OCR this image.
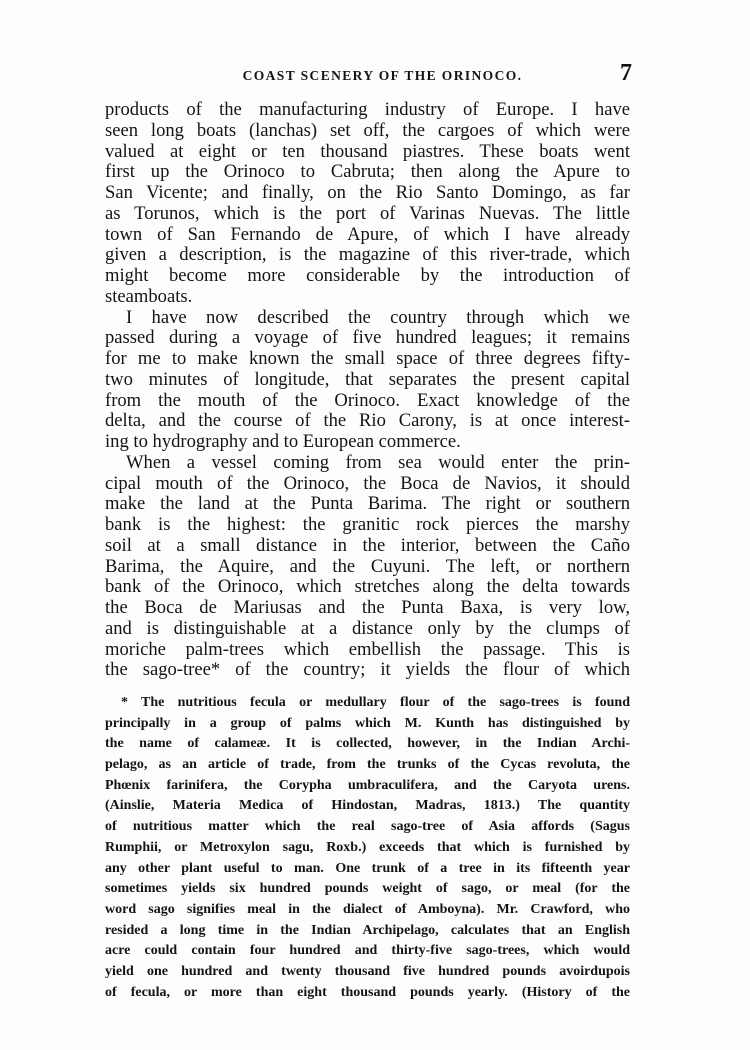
COAST SCENERY OF THE ORINOCO.	7
products of the manufacturing industry of Europe. I have
seen long boats (lanchas) set off, the cargoes of which were
valued at eight or ten thousand piastres. These boats went
first up the Orinoco to Cabruta; then along the Apure to
San Vicente; and finally, on the Rio Santo Domingo, as far
as Torunos, which is the port of Varinas Nuevas. The little
town of San Fernando de Apure, of which I have already
given a description, is the magazine of this river-trade, which
might become more considerable by the introduction of
steamboats.
I have now described the country through which we
passed during a voyage of five hundred leagues; it remains
for me to make known the small space of three degrees fifty-
two minutes of longitude, that separates the present capital
from the mouth of the Orinoco. Exact knowledge of the
delta, and the course of the Rio Carony, is at once interest-
ing to hydrography and to European commerce.
When a vessel coming from sea would enter the prin-
cipal mouth of the Orinoco, the Boca de Navios, it should
make the land at the Punta Barima. The right or southern
bank is the highest: the granitic rock pierces the marshy
soil at a small distance in the interior, between the Caño
Barima, the Aquire, and the Cuyuni. The left, or northern
bank of the Orinoco, which stretches along the delta towards
the Boca de Mariusas and the Punta Baxa, is very low,
and is distinguishable at a distance only by the clumps of
moriche palm-trees which embellish the passage. This is
the sago-tree* of the country; it yields the flour of which
* The nutritious fecula or medullary flour of the sago-trees is found
principally in a group of palms which M. Kunth has distinguished by
the name of calameæ. It is collected, however, in the Indian Archi-
pelago, as an article of trade, from the trunks of the Cycas revoluta, the
Phœnix farinifera, the Corypha umbraculifera, and the Caryota urens.
(Ainslie, Materia Medica of Hindostan, Madras, 1813.) The quantity
of nutritious matter which the real sago-tree of Asia affords (Sagus
Rumphii, or Metroxylon sagu, Roxb.) exceeds that which is furnished by
any other plant useful to man. One trunk of a tree in its fifteenth year
sometimes yields six hundred pounds weight of sago, or meal (for the
word sago signifies meal in the dialect of Amboyna). Mr. Crawford, who
resided a long time in the Indian Archipelago, calculates that an English
acre could contain four hundred and thirty-five sago-trees, which would
yield one hundred and twenty thousand five hundred pounds avoirdupois
of fecula, or more than eight thousand pounds yearly. (History of the
